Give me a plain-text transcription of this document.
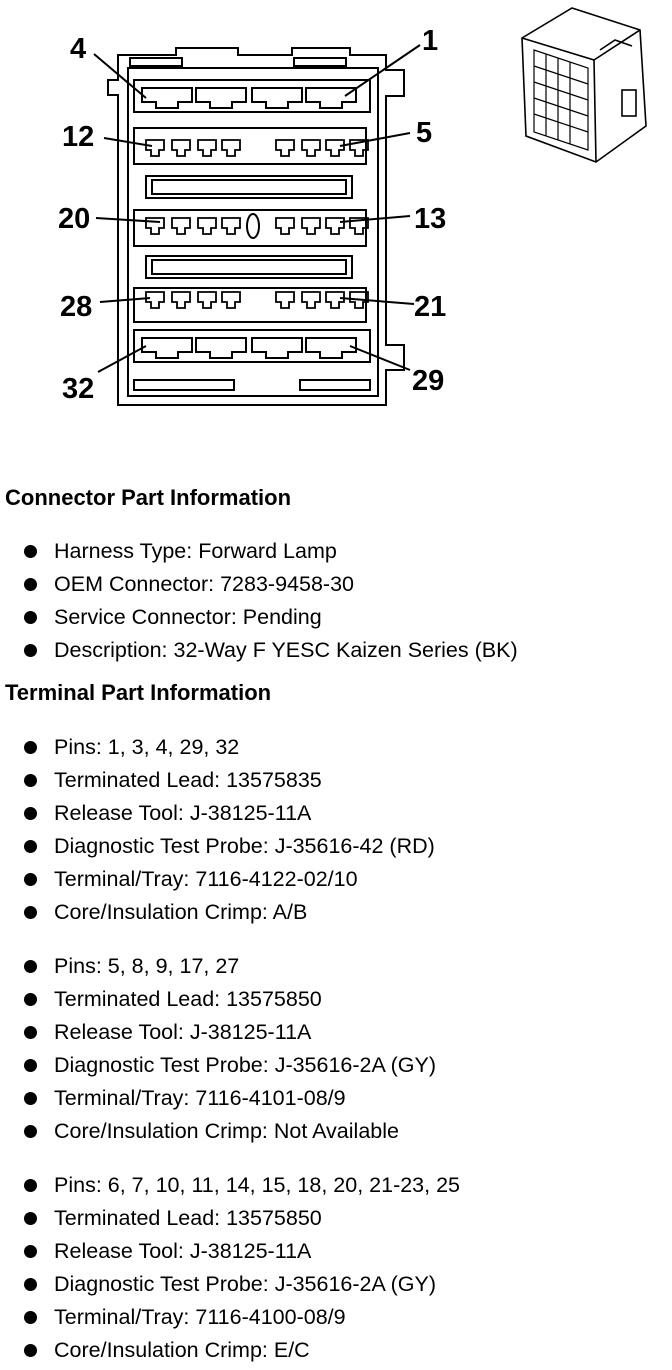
4	1
12	5
20	13
28	21
32	29
Connector Part Information
Harness Type: Forward Lamp
OEM Connector: 7283-9458-30
Service Connector: Pending
Description: 32-Way F YESC Kaizen Series (BK)
Terminal Part Information
Pins: 1, 3, 4, 29, 32
Terminated Lead: 13575835
Release Tool: J-38125-11A
Diagnostic Test Probe: J-35616-42 (RD)
Terminal/Tray: 7116-4122-02/10
Core/Insulation Crimp: A/B
Pins: 5, 8, 9, 17, 27
Terminated Lead: 13575850
Release Tool: J-38125-11A
Diagnostic Test Probe: J-35616-2A (GY)
Terminal/Tray: 7116-4101-08/9
Core/Insulation Crimp: Not Available
Pins: 6, 7, 10, 11, 14, 15, 18, 20, 21-23, 25
Terminated Lead: 13575850
Release Tool: J-38125-11A
Diagnostic Test Probe: J-35616-2A (GY)
Terminal/Tray: 7116-4100-08/9
Core/Insulation Crimp: E/C
